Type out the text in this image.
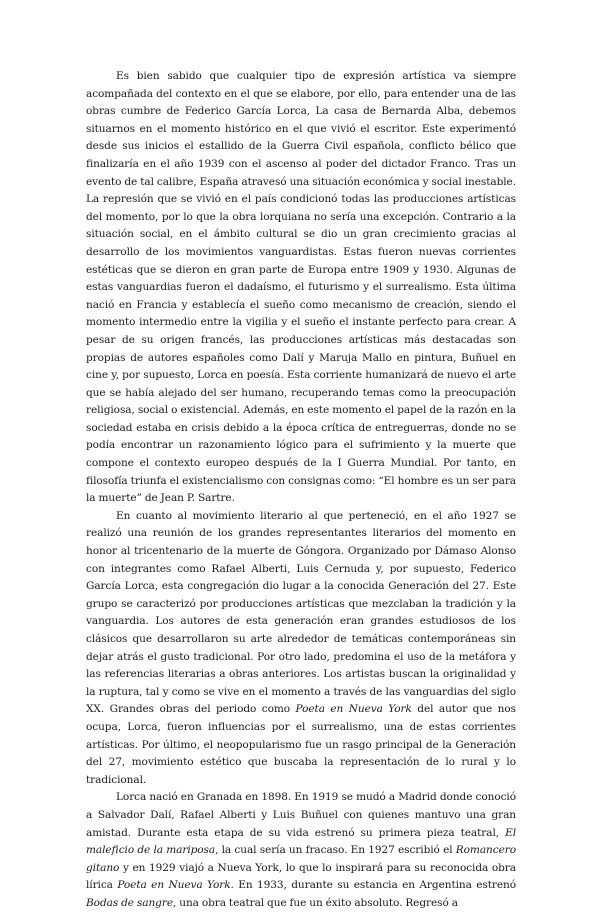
Es bien sabido que cualquier tipo de expresión artística va siempre acompañada del contexto en el que se elabore, por ello, para entender una de las obras cumbre de Federico García Lorca, La casa de Bernarda Alba, debemos situarnos en el momento histórico en el que vivió el escritor. Este experimentó desde sus inicios el estallido de la Guerra Civil española, conflicto bélico que finalizaría en el año 1939 con el ascenso al poder del dictador Franco. Tras un evento de tal calibre, España atravesó una situación económica y social inestable. La represión que se vivió en el país condicionó todas las producciones artísticas del momento, por lo que la obra lorquiana no sería una excepción. Contrario a la situación social, en el ámbito cultural se dio un gran crecimiento gracias al desarrollo de los movimientos vanguardistas. Estas fueron nuevas corrientes estéticas que se dieron en gran parte de Europa entre 1909 y 1930. Algunas de estas vanguardias fueron el dadaísmo, el futurismo y el surrealismo. Esta última nació en Francia y establecía el sueño como mecanismo de creación, siendo el momento intermedio entre la vigilia y el sueño el instante perfecto para crear. A pesar de su origen francés, las producciones artísticas más destacadas son propias de autores españoles como Dalí y Maruja Mallo en pintura, Buñuel en cine y, por supuesto, Lorca en poesía. Esta corriente humanizará de nuevo el arte que se había alejado del ser humano, recuperando temas como la preocupación religiosa, social o existencial. Además, en este momento el papel de la razón en la sociedad estaba en crisis debido a la época crítica de entreguerras, donde no se podía encontrar un razonamiento lógico para el sufrimiento y la muerte que compone el contexto europeo después de la I Guerra Mundial. Por tanto, en filosofía triunfa el existencialismo con consignas como: “El hombre es un ser para la muerte” de Jean P. Sartre.

En cuanto al movimiento literario al que perteneció, en el año 1927 se realizó una reunión de los grandes representantes literarios del momento en honor al tricentenario de la muerte de Góngora. Organizado por Dámaso Alonso con integrantes como Rafael Alberti, Luis Cernuda y, por supuesto, Federico García Lorca, esta congregación dio lugar a la conocida Generación del 27. Este grupo se caracterizó por producciones artísticas que mezclaban la tradición y la vanguardia. Los autores de esta generación eran grandes estudiosos de los clásicos que desarrollaron su arte alrededor de temáticas contemporáneas sin dejar atrás el gusto tradicional. Por otro lado, predomina el uso de la metáfora y las referencias literarias a obras anteriores. Los artistas buscan la originalidad y la ruptura, tal y como se vive en el momento a través de las vanguardias del siglo XX. Grandes obras del periodo como Poeta en Nueva York del autor que nos ocupa, Lorca, fueron influencias por el surrealismo, una de estas corrientes artísticas. Por último, el neopopularismo fue un rasgo principal de la Generación del 27, movimiento estético que buscaba la representación de lo rural y lo tradicional.

Lorca nació en Granada en 1898. En 1919 se mudó a Madrid donde conoció a Salvador Dalí, Rafael Alberti y Luis Buñuel con quienes mantuvo una gran amistad. Durante esta etapa de su vida estrenó su primera pieza teatral, El maleficio de la mariposa, la cual sería un fracaso. En 1927 escribió el Romancero gitano y en 1929 viajó a Nueva York, lo que lo inspirará para su reconocida obra lírica Poeta en Nueva York. En 1933, durante su estancia en Argentina estrenó Bodas de sangre, una obra teatral que fue un éxito absoluto. Regresó a
